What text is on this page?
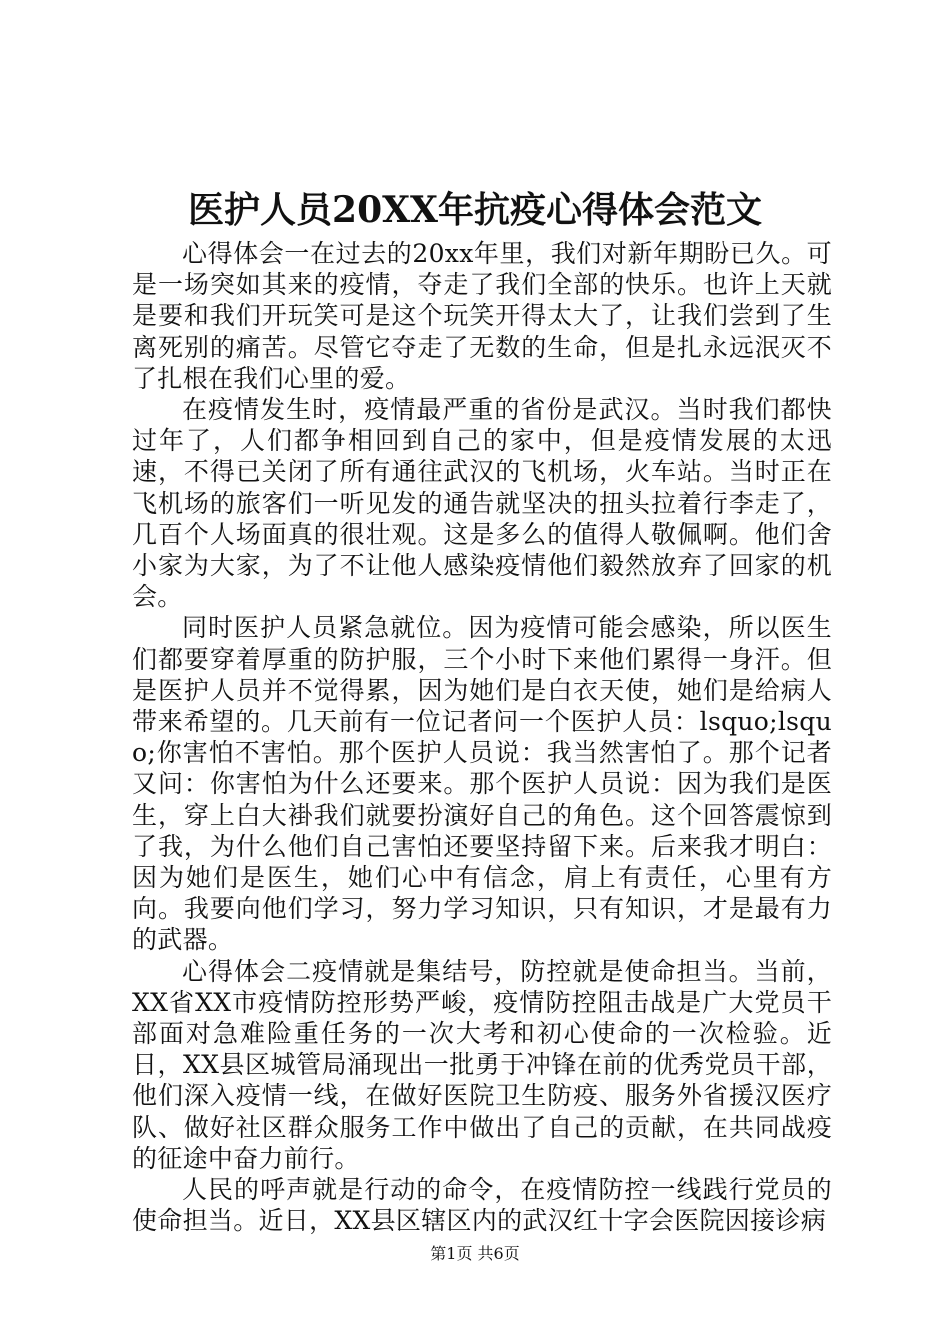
医护人员20XX年抗疫心得体会范文

心得体会一在过去的20xx年里，我们对新年期盼已久。可是一场突如其来的疫情，夺走了我们全部的快乐。也许上天就是要和我们开玩笑可是这个玩笑开得太大了，让我们尝到了生离死别的痛苦。尽管它夺走了无数的生命，但是扎永远泯灭不了扎根在我们心里的爱。

在疫情发生时，疫情最严重的省份是武汉。当时我们都快过年了，人们都争相回到自己的家中，但是疫情发展的太迅速，不得已关闭了所有通往武汉的飞机场，火车站。当时正在飞机场的旅客们一听见发的通告就坚决的扭头拉着行李走了，几百个人场面真的很壮观。这是多么的值得人敬佩啊。他们舍小家为大家，为了不让他人感染疫情他们毅然放弃了回家的机会。

同时医护人员紧急就位。因为疫情可能会感染，所以医生们都要穿着厚重的防护服，三个小时下来他们累得一身汗。但是医护人员并不觉得累，因为她们是白衣天使，她们是给病人带来希望的。几天前有一位记者问一个医护人员：lsquo;lsquo;你害怕不害怕。那个医护人员说：我当然害怕了。那个记者又问：你害怕为什么还要来。那个医护人员说：因为我们是医生，穿上白大褂我们就要扮演好自己的角色。这个回答震惊到了我，为什么他们自己害怕还要坚持留下来。后来我才明白：因为她们是医生，她们心中有信念，肩上有责任，心里有方向。我要向他们学习，努力学习知识，只有知识，才是最有力的武器。

心得体会二疫情就是集结号，防控就是使命担当。当前，XX省XX市疫情防控形势严峻，疫情防控阻击战是广大党员干部面对急难险重任务的一次大考和初心使命的一次检验。近日，XX县区城管局涌现出一批勇于冲锋在前的优秀党员干部，他们深入疫情一线，在做好医院卫生防疫、服务外省援汉医疗队、做好社区群众服务工作中做出了自己的贡献，在共同战疫的征途中奋力前行。

人民的呼声就是行动的命令，在疫情防控一线践行党员的使命担当。近日，XX县区辖区内的武汉红十字会医院因接诊病

第1页 共6页
